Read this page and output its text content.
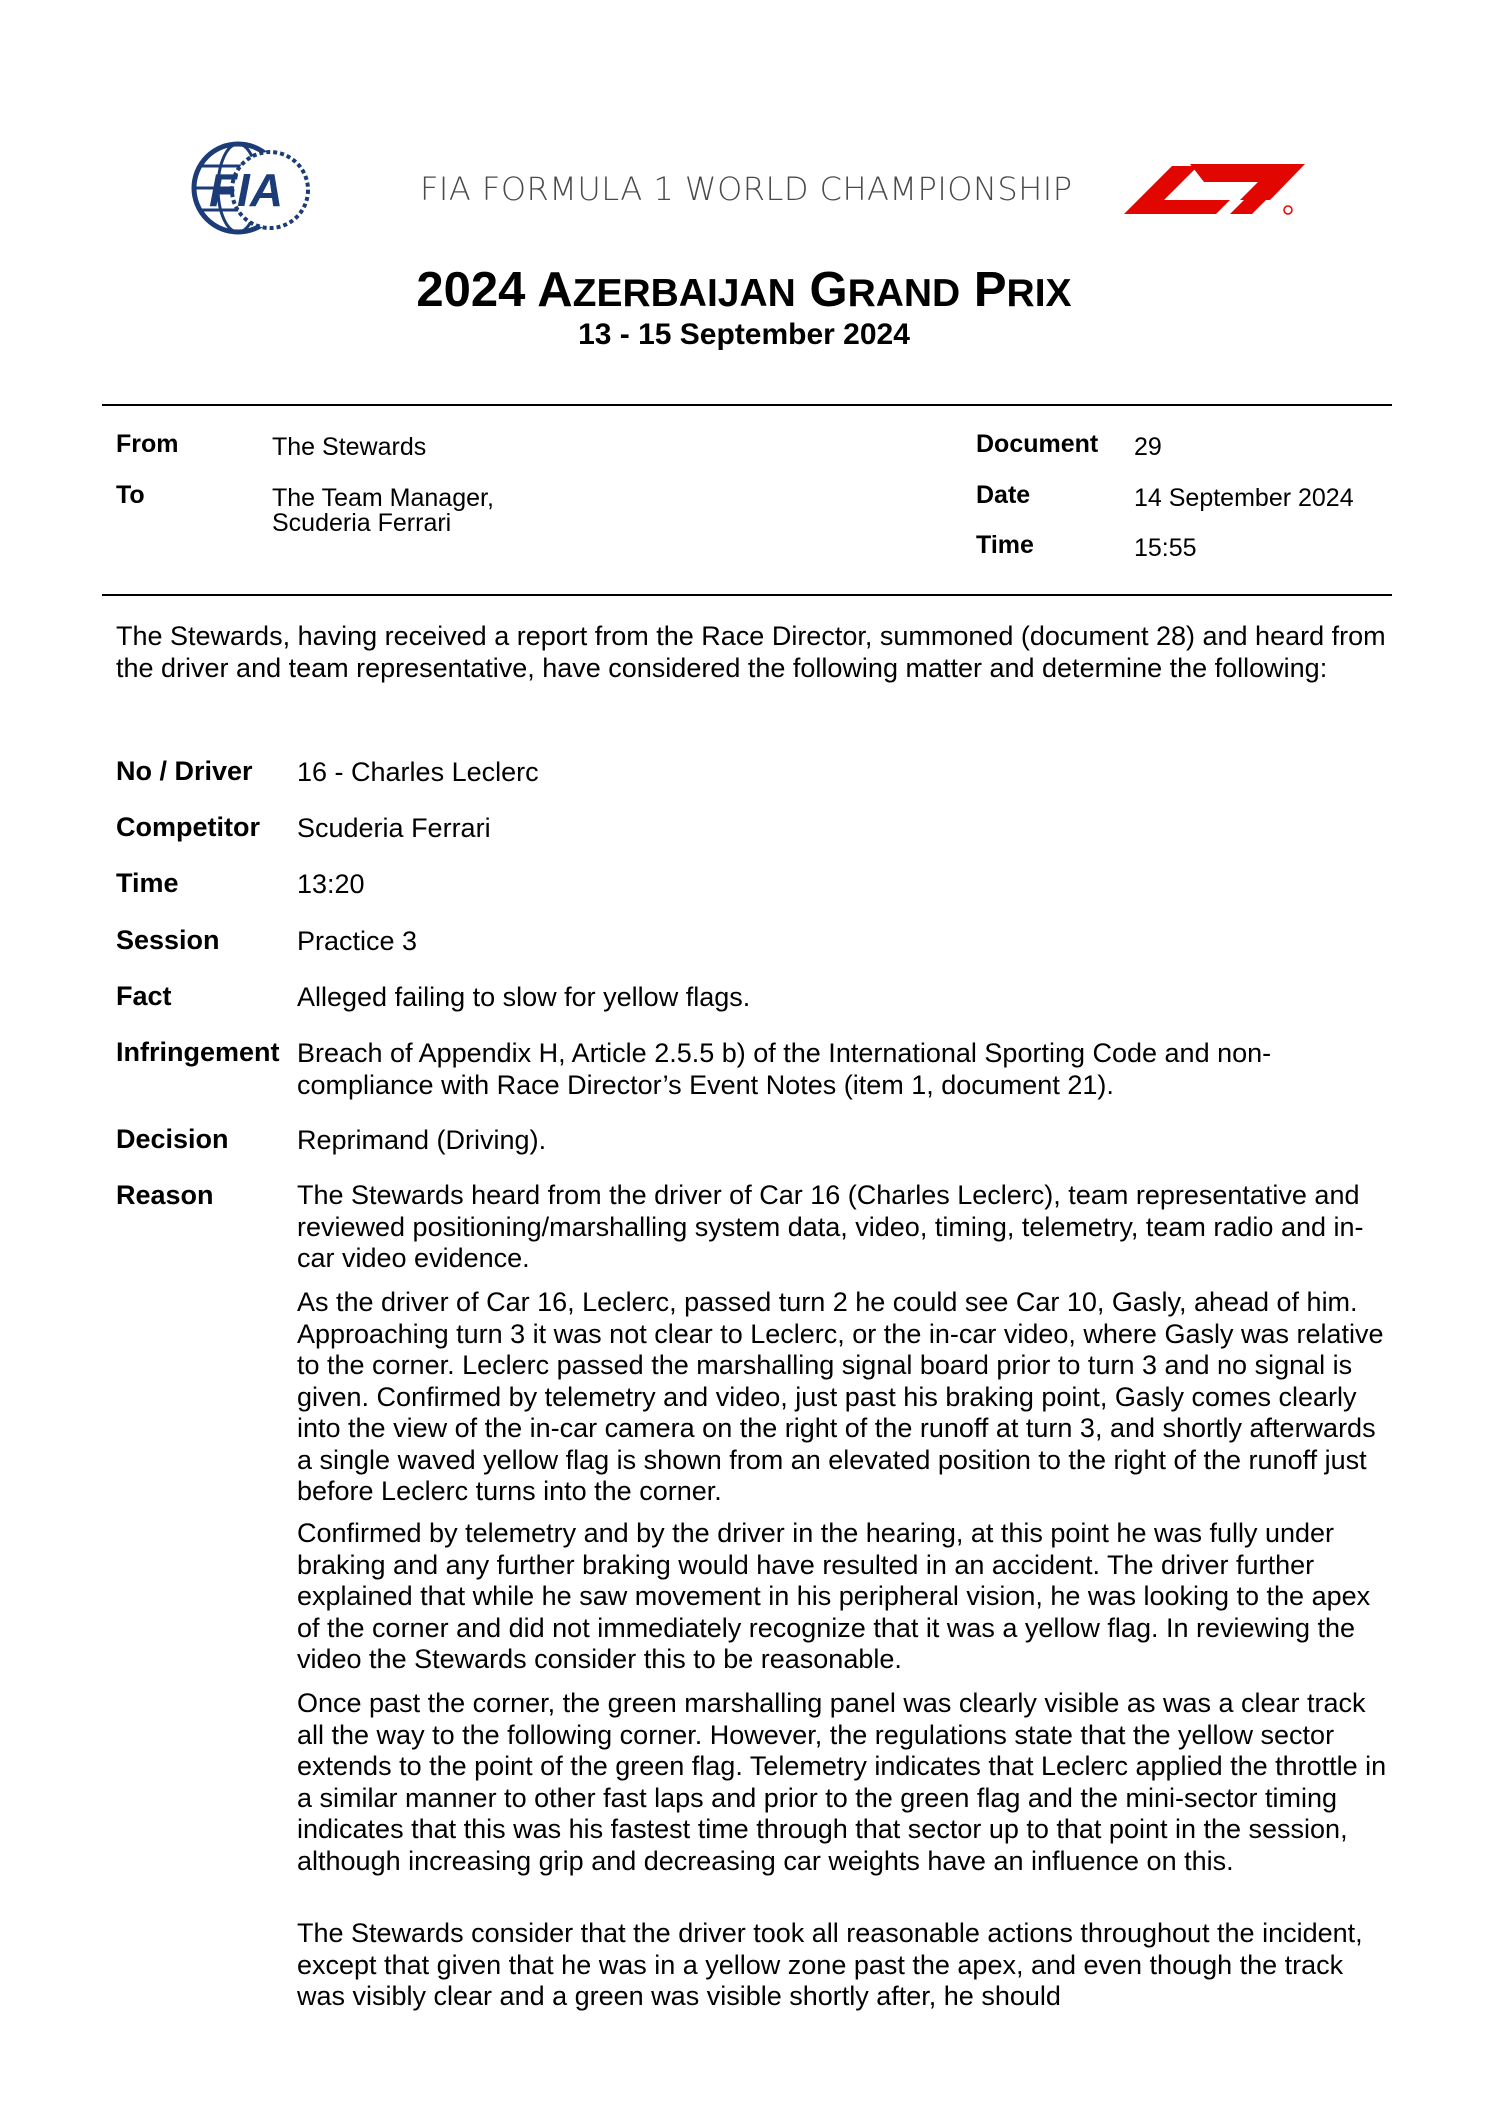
FIA	FIA FORMULA 1 WORLD CHAMPIONSHIP
2024 AZERBAIJAN GRAND PRIX
13 - 15 September 2024
From	The Stewards
To	The Team Manager,
Scuderia Ferrari
Document 29
Date	14 September 2024
Time	15:55
The Stewards, having received a report from the Race Director, summoned (document 28) and heard from the driver and team representative, have considered the following matter and determine the following:
No / Driver 16 - Charles Leclerc
Competitor Scuderia Ferrari
Time	13:20
Session	Practice 3
Fact	Alleged failing to slow for yellow flags.
Infringement Breach of Appendix H, Article 2.5.5 b) of the International Sporting Code and non-compliance with Race Director’s Event Notes (item 1, document 21).
Decision	Reprimand (Driving).
Reason	The Stewards heard from the driver of Car 16 (Charles Leclerc), team representative and reviewed positioning/marshalling system data, video, timing, telemetry, team radio and in-car video evidence.
As the driver of Car 16, Leclerc, passed turn 2 he could see Car 10, Gasly, ahead of him. Approaching turn 3 it was not clear to Leclerc, or the in-car video, where Gasly was relative to the corner. Leclerc passed the marshalling signal board prior to turn 3 and no signal is given. Confirmed by telemetry and video, just past his braking point, Gasly comes clearly into the view of the in-car camera on the right of the runoff at turn 3, and shortly afterwards a single waved yellow flag is shown from an elevated position to the right of the runoff just before Leclerc turns into the corner.
Confirmed by telemetry and by the driver in the hearing, at this point he was fully under braking and any further braking would have resulted in an accident. The driver further explained that while he saw movement in his peripheral vision, he was looking to the apex of the corner and did not immediately recognize that it was a yellow flag. In reviewing the video the Stewards consider this to be reasonable.
Once past the corner, the green marshalling panel was clearly visible as was a clear track all the way to the following corner. However, the regulations state that the yellow sector extends to the point of the green flag. Telemetry indicates that Leclerc applied the throttle in a similar manner to other fast laps and prior to the green flag and the mini-sector timing indicates that this was his fastest time through that sector up to that point in the session, although increasing grip and decreasing car weights have an influence on this.
The Stewards consider that the driver took all reasonable actions throughout the incident, except that given that he was in a yellow zone past the apex, and even though the track was visibly clear and a green was visible shortly after, he should
